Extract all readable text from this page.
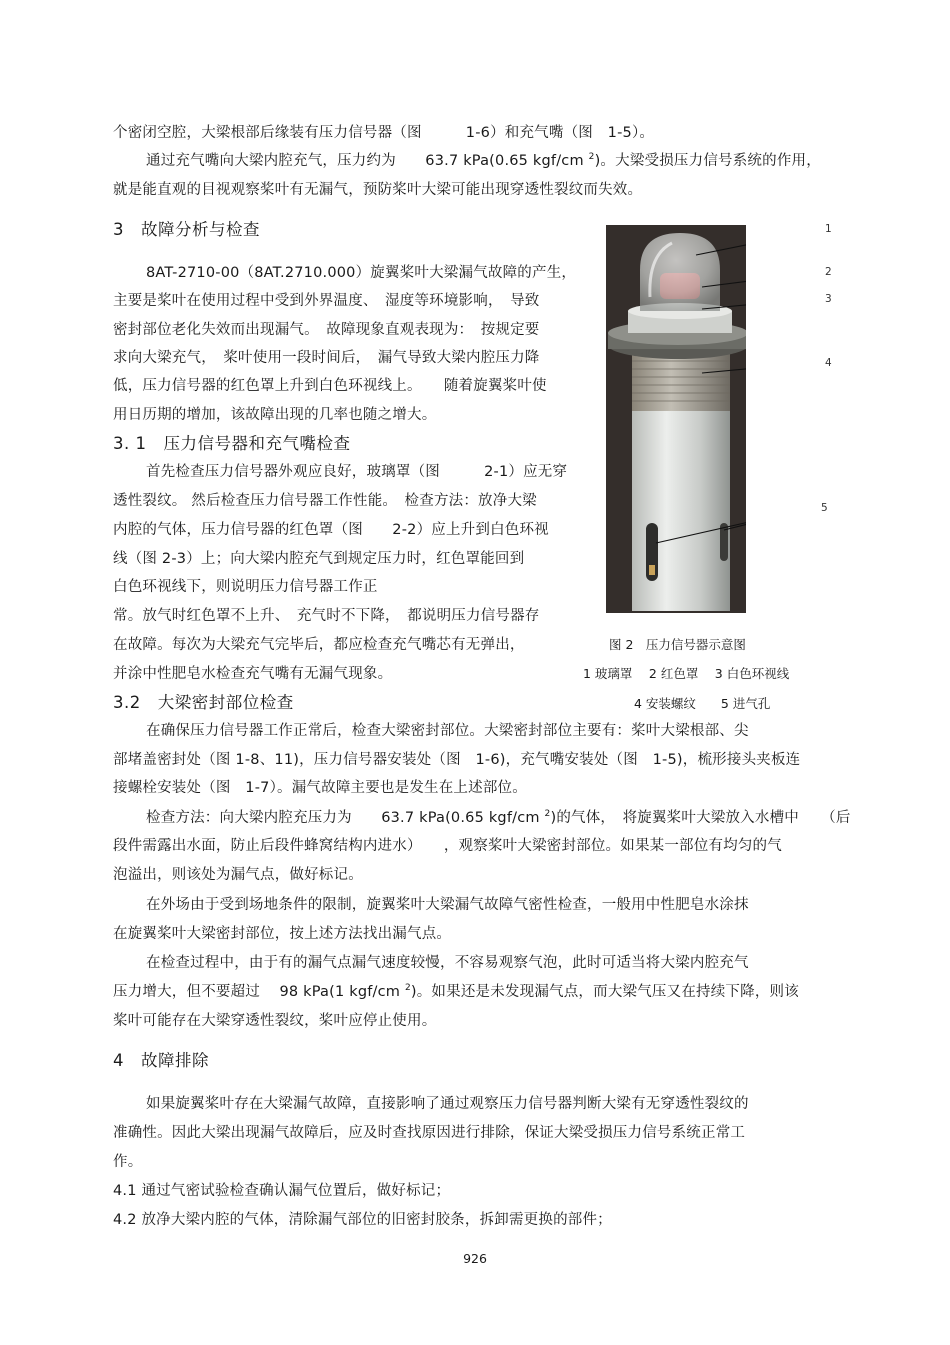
个密闭空腔，大梁根部后缘装有压力信号器（图　　　1-6）和充气嘴（图　1-5）。
通过充气嘴向大梁内腔充气，压力约为　　63.7 kPa(0.65 kgf/cm $^2$)。大梁受损压力信号系统的作用，
就是能直观的目视观察桨叶有无漏气，预防桨叶大梁可能出现穿透性裂纹而失效。
3　故障分析与检查
8AT-2710-00（8AT.2710.000）旋翼桨叶大梁漏气故障的产生，
主要是桨叶在使用过程中受到外界温度、　湿度等环境影响，　导致
密封部位老化失效而出现漏气。　故障现象直观表现为：　按规定要
求向大梁充气，　桨叶使用一段时间后，　漏气导致大梁内腔压力降
低，压力信号器的红色罩上升到白色环视线上。　　随着旋翼桨叶使
用日历期的增加，该故障出现的几率也随之增大。
3. 1　压力信号器和充气嘴检查
首先检查压力信号器外观应良好，玻璃罩（图　　　2-1）应无穿
透性裂纹。 然后检查压力信号器工作性能。　检查方法：放净大梁
内腔的气体，压力信号器的红色罩（图　　2-2）应上升到白色环视
线（图 2-3）上；向大梁内腔充气到规定压力时，红色罩能回到
白色环视线下，则说明压力信号器工作正
常。放气时红色罩不上升、　充气时不下降，　都说明压力信号器存
在故障。每次为大梁充气完毕后，都应检查充气嘴芯有无弹出，
并涂中性肥皂水检查充气嘴有无漏气现象。
1
2
3
4
5
图 2　压力信号器示意图
1 玻璃罩　 2 红色罩　 3 白色环视线
4 安装螺纹　　5 进气孔
3.2　大梁密封部位检查
在确保压力信号器工作正常后，检查大梁密封部位。大梁密封部位主要有：桨叶大梁根部、尖
部堵盖密封处（图 1-8、11)，压力信号器安装处（图　1-6)，充气嘴安装处（图　1-5)，梳形接头夹板连
接螺栓安装处（图　1-7）。漏气故障主要也是发生在上述部位。
检查方法：向大梁内腔充压力为　　63.7 kPa(0.65 kgf/cm $^2$)的气体，　将旋翼桨叶大梁放入水槽中　　（后
段件需露出水面，防止后段件蜂窝结构内进水）　　，观察桨叶大梁密封部位。如果某一部位有均匀的气
泡溢出，则该处为漏气点，做好标记。
在外场由于受到场地条件的限制，旋翼桨叶大梁漏气故障气密性检查，一般用中性肥皂水涂抹
在旋翼桨叶大梁密封部位，按上述方法找出漏气点。
在检查过程中，由于有的漏气点漏气速度较慢，不容易观察气泡，此时可适当将大梁内腔充气
压力增大，但不要超过　 98 kPa(1 kgf/cm $^2$)。如果还是未发现漏气点，而大梁气压又在持续下降，则该
桨叶可能存在大梁穿透性裂纹，桨叶应停止使用。
4　故障排除
如果旋翼桨叶存在大梁漏气故障，直接影响了通过观察压力信号器判断大梁有无穿透性裂纹的
准确性。因此大梁出现漏气故障后，应及时查找原因进行排除，保证大梁受损压力信号系统正常工
作。
4.1 通过气密试验检查确认漏气位置后，做好标记；
4.2 放净大梁内腔的气体，清除漏气部位的旧密封胶条，拆卸需更换的部件；
926
